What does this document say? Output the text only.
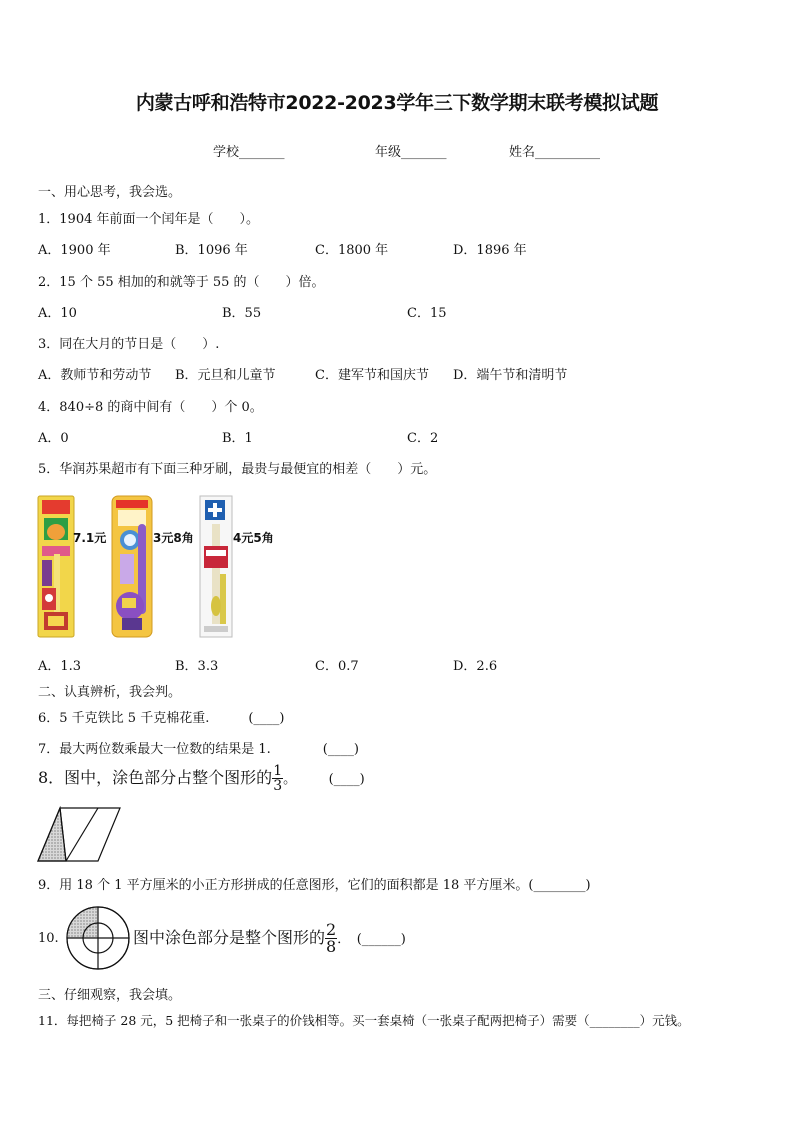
内蒙古呼和浩特市2022-2023学年三下数学期末联考模拟试题
学校_______	年级_______	姓名__________
一、用心思考，我会选。
1．1904 年前面一个闰年是（　　）。
A．1900 年	B．1096 年	C．1800 年	D．1896 年
2．15 个 55 相加的和就等于 55 的（　　）倍。
A．10	B．55	C．15
3．同在大月的节日是（　　）.
A．教师节和劳动节 B．元旦和儿童节	C．建军节和国庆节 D．端午节和清明节
4．840÷8 的商中间有（　　）个 0。
A．0	B．1	C．2
5．华润苏果超市有下面三种牙刷，最贵与最便宜的相差（　　）元。
7.1元	3元8角	4元5角
A．1.3	B．3.3	C．0.7	D．2.6
二、认真辨析，我会判。
6．5 千克铁比 5 千克棉花重.　　　(____)
7．最大两位数乘最大一位数的结果是 1.　　　　(____)
8．图中，涂色部分占整个图形的 $\frac{1}{3}$ 。　　　(____)
9．用 18 个 1 平方厘米的小正方形拼成的任意图形，它们的面积都是 18 平方厘米。(________)
10.	图中涂色部分是整个图形的 $\frac{2}{8}$ ．　(______)
三、仔细观察，我会填。
11．每把椅子 28 元，5 把椅子和一张桌子的价钱相等。买一套桌椅（一张桌子配两把椅子）需要（________）元钱。
